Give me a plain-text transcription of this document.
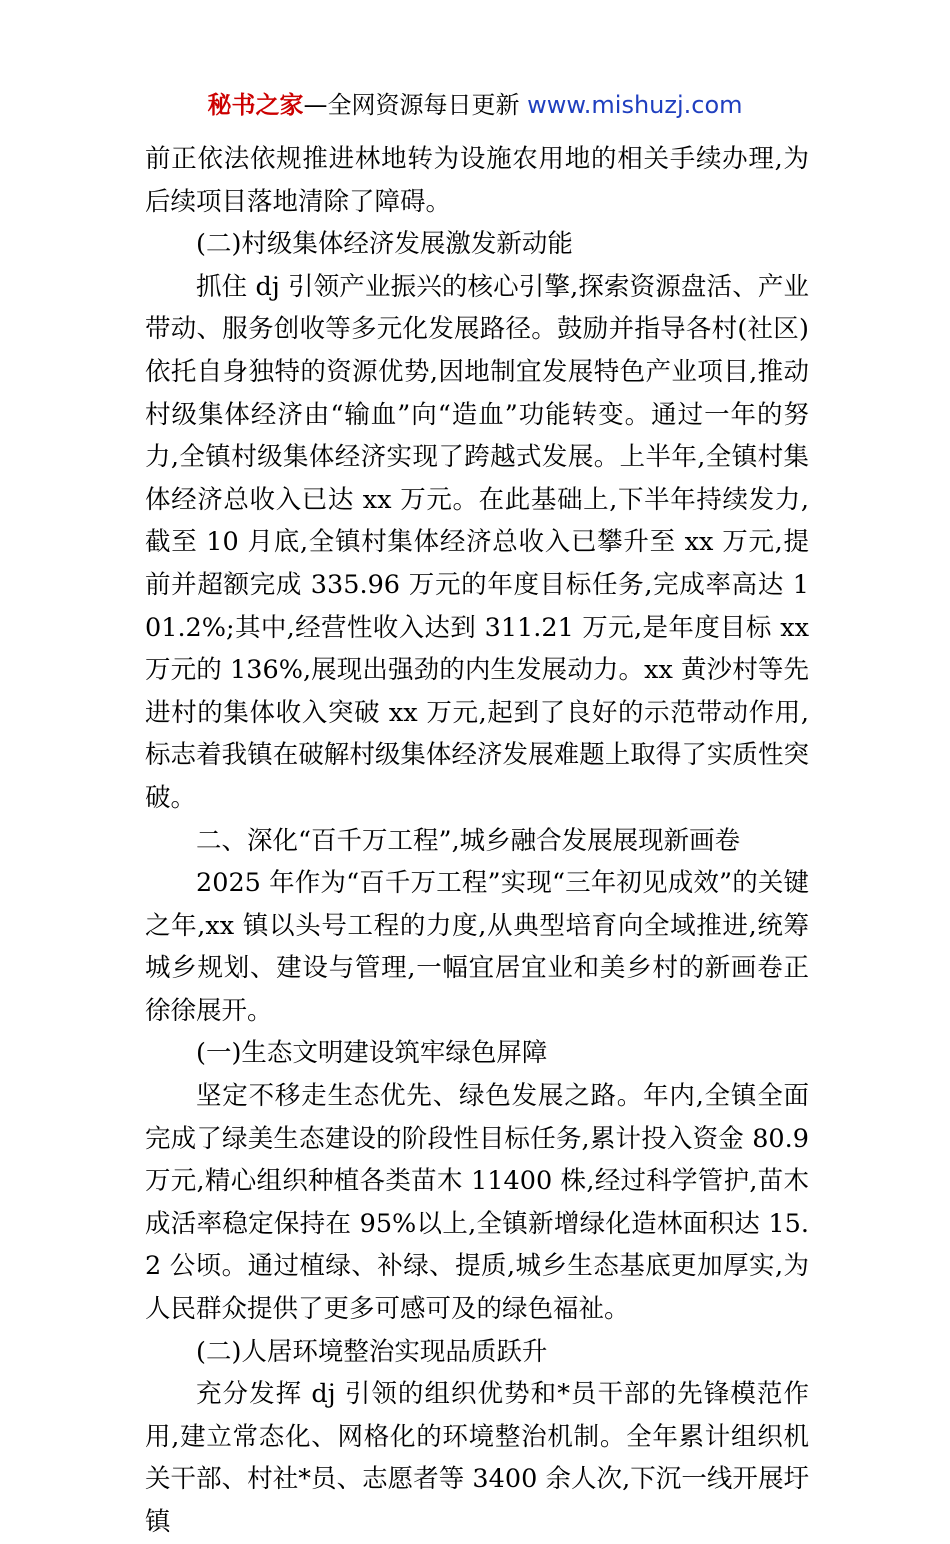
秘书之家—全网资源每日更新 www.mishuzj.com

前正依法依规推进林地转为设施农用地的相关手续办理,为后续项目落地清除了障碍。

(二)村级集体经济发展激发新动能

抓住 dj 引领产业振兴的核心引擎,探索资源盘活、产业带动、服务创收等多元化发展路径。鼓励并指导各村(社区)依托自身独特的资源优势,因地制宜发展特色产业项目,推动村级集体经济由“输血”向“造血”功能转变。通过一年的努力,全镇村级集体经济实现了跨越式发展。上半年,全镇村集体经济总收入已达 xx 万元。在此基础上,下半年持续发力,截至 10 月底,全镇村集体经济总收入已攀升至 xx 万元,提前并超额完成 335.96 万元的年度目标任务,完成率高达 101.2%;其中,经营性收入达到 311.21 万元,是年度目标 xx 万元的 136%,展现出强劲的内生发展动力。xx 黄沙村等先进村的集体收入突破 xx 万元,起到了良好的示范带动作用,标志着我镇在破解村级集体经济发展难题上取得了实质性突破。

二、深化“百千万工程”,城乡融合发展展现新画卷

2025 年作为“百千万工程”实现“三年初见成效”的关键之年,xx 镇以头号工程的力度,从典型培育向全域推进,统筹城乡规划、建设与管理,一幅宜居宜业和美乡村的新画卷正徐徐展开。

(一)生态文明建设筑牢绿色屏障

坚定不移走生态优先、绿色发展之路。年内,全镇全面完成了绿美生态建设的阶段性目标任务,累计投入资金 80.9 万元,精心组织种植各类苗木 11400 株,经过科学管护,苗木成活率稳定保持在 95%以上,全镇新增绿化造林面积达 15.2 公顷。通过植绿、补绿、提质,城乡生态基底更加厚实,为人民群众提供了更多可感可及的绿色福祉。

(二)人居环境整治实现品质跃升

充分发挥 dj 引领的组织优势和*员干部的先锋模范作用,建立常态化、网格化的环境整治机制。全年累计组织机关干部、村社*员、志愿者等 3400 余人次,下沉一线开展圩镇
